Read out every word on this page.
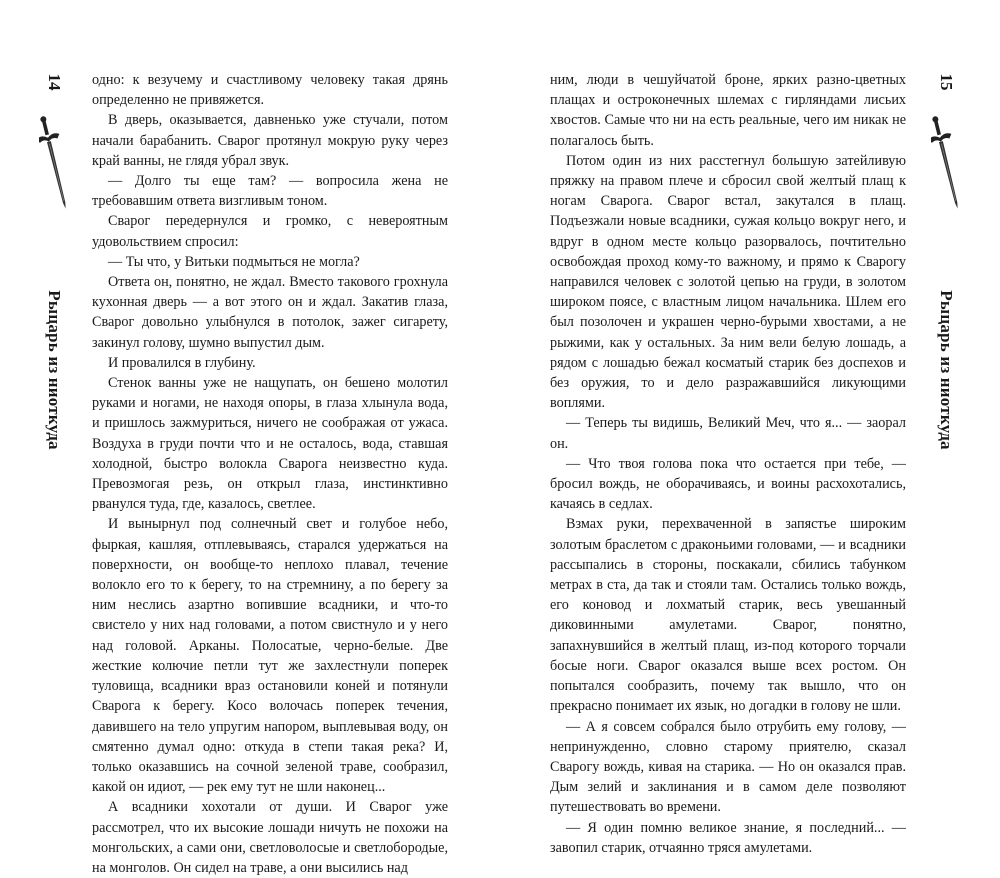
14
Рыцарь из ниоткуда

одно: к везучему и счастливому человеку такая дрянь определенно не привяжется.

В дверь, оказывается, давненько уже стучали, потом начали барабанить. Сварог протянул мокрую руку через край ванны, не глядя убрал звук.

— Долго ты еще там? — вопросила жена не требовавшим ответа визгливым тоном.

Сварог передернулся и громко, с невероятным удовольствием спросил:

— Ты что, у Витьки подмыться не могла?

Ответа он, понятно, не ждал. Вместо такового грохнула кухонная дверь — а вот этого он и ждал. Закатив глаза, Сварог довольно улыбнулся в потолок, зажег сигарету, закинул голову, шумно выпустил дым.

И провалился в глубину.

Стенок ванны уже не нащупать, он бешено молотил руками и ногами, не находя опоры, в глаза хлынула вода, и пришлось зажмуриться, ничего не соображая от ужаса. Воздуха в груди почти что и не осталось, вода, ставшая холодной, быстро волокла Сварога неизвестно куда. Превозмогая резь, он открыл глаза, инстинктивно рванулся туда, где, казалось, светлее.

И вынырнул под солнечный свет и голубое небо, фыркая, кашляя, отплевываясь, старался удержаться на поверхности, он вообще-то неплохо плавал, течение волокло его то к берегу, то на стремнину, а по берегу за ним неслись азартно вопившие всадники, и что-то свистело у них над головами, а потом свистнуло и у него над головой. Арканы. Полосатые, черно-белые. Две жесткие колючие петли тут же захлестнули поперек туловища, всадники враз остановили коней и потянули Сварога к берегу. Косо волочась поперек течения, давившего на тело упругим напором, выплевывая воду, он смятенно думал одно: откуда в степи такая река? И, только оказавшись на сочной зеленой траве, сообразил, какой он идиот, — рек ему тут не шли наконец...

А всадники хохотали от души. И Сварог уже рассмотрел, что их высокие лошади ничуть не похожи на монгольских, а сами они, светловолосые и светлобородые, на монголов. Он сидел на траве, а они высились над

ним, люди в чешуйчатой броне, ярких разно-цветных плащах и остроконечных шлемах с гирляндами лисьих хвостов. Самые что ни на есть реальные, чего им никак не полагалось быть.

Потом один из них расстегнул большую затейливую пряжку на правом плече и сбросил свой желтый плащ к ногам Сварога. Сварог встал, закутался в плащ. Подъезжали новые всадники, сужая кольцо вокруг него, и вдруг в одном месте кольцо разорвалось, почтительно освобождая проход кому-то важному, и прямо к Сварогу направился человек с золотой цепью на груди, в золотом широком поясе, с властным лицом начальника. Шлем его был позолочен и украшен черно-бурыми хвостами, а не рыжими, как у остальных. За ним вели белую лошадь, а рядом с лошадью бежал косматый старик без доспехов и без оружия, то и дело разражавшийся ликующими воплями.

— Теперь ты видишь, Великий Меч, что я... — заорал он.

— Что твоя голова пока что остается при тебе, — бросил вождь, не оборачиваясь, и воины расхохотались, качаясь в седлах.

Взмах руки, перехваченной в запястье широким золотым браслетом с драконьими головами, — и всадники рассыпались в стороны, поскакали, сбились табунком метрах в ста, да так и стояли там. Остались только вождь, его коновод и лохматый старик, весь увешанный диковинными амулетами. Сварог, понятно, запахнувшийся в желтый плащ, из-под которого торчали босые ноги. Сварог оказался выше всех ростом. Он попытался сообразить, почему так вышло, что он прекрасно понимает их язык, но догадки в голову не шли.

— А я совсем собрался было отрубить ему голову, — непринужденно, словно старому приятелю, сказал Сварогу вождь, кивая на старика. — Но он оказался прав. Дым зелий и заклинания и в самом деле позволяют путешествовать во времени.

— Я один помню великое знание, я последний... — завопил старик, отчаянно тряся амулетами.

15
Рыцарь из ниоткуда
